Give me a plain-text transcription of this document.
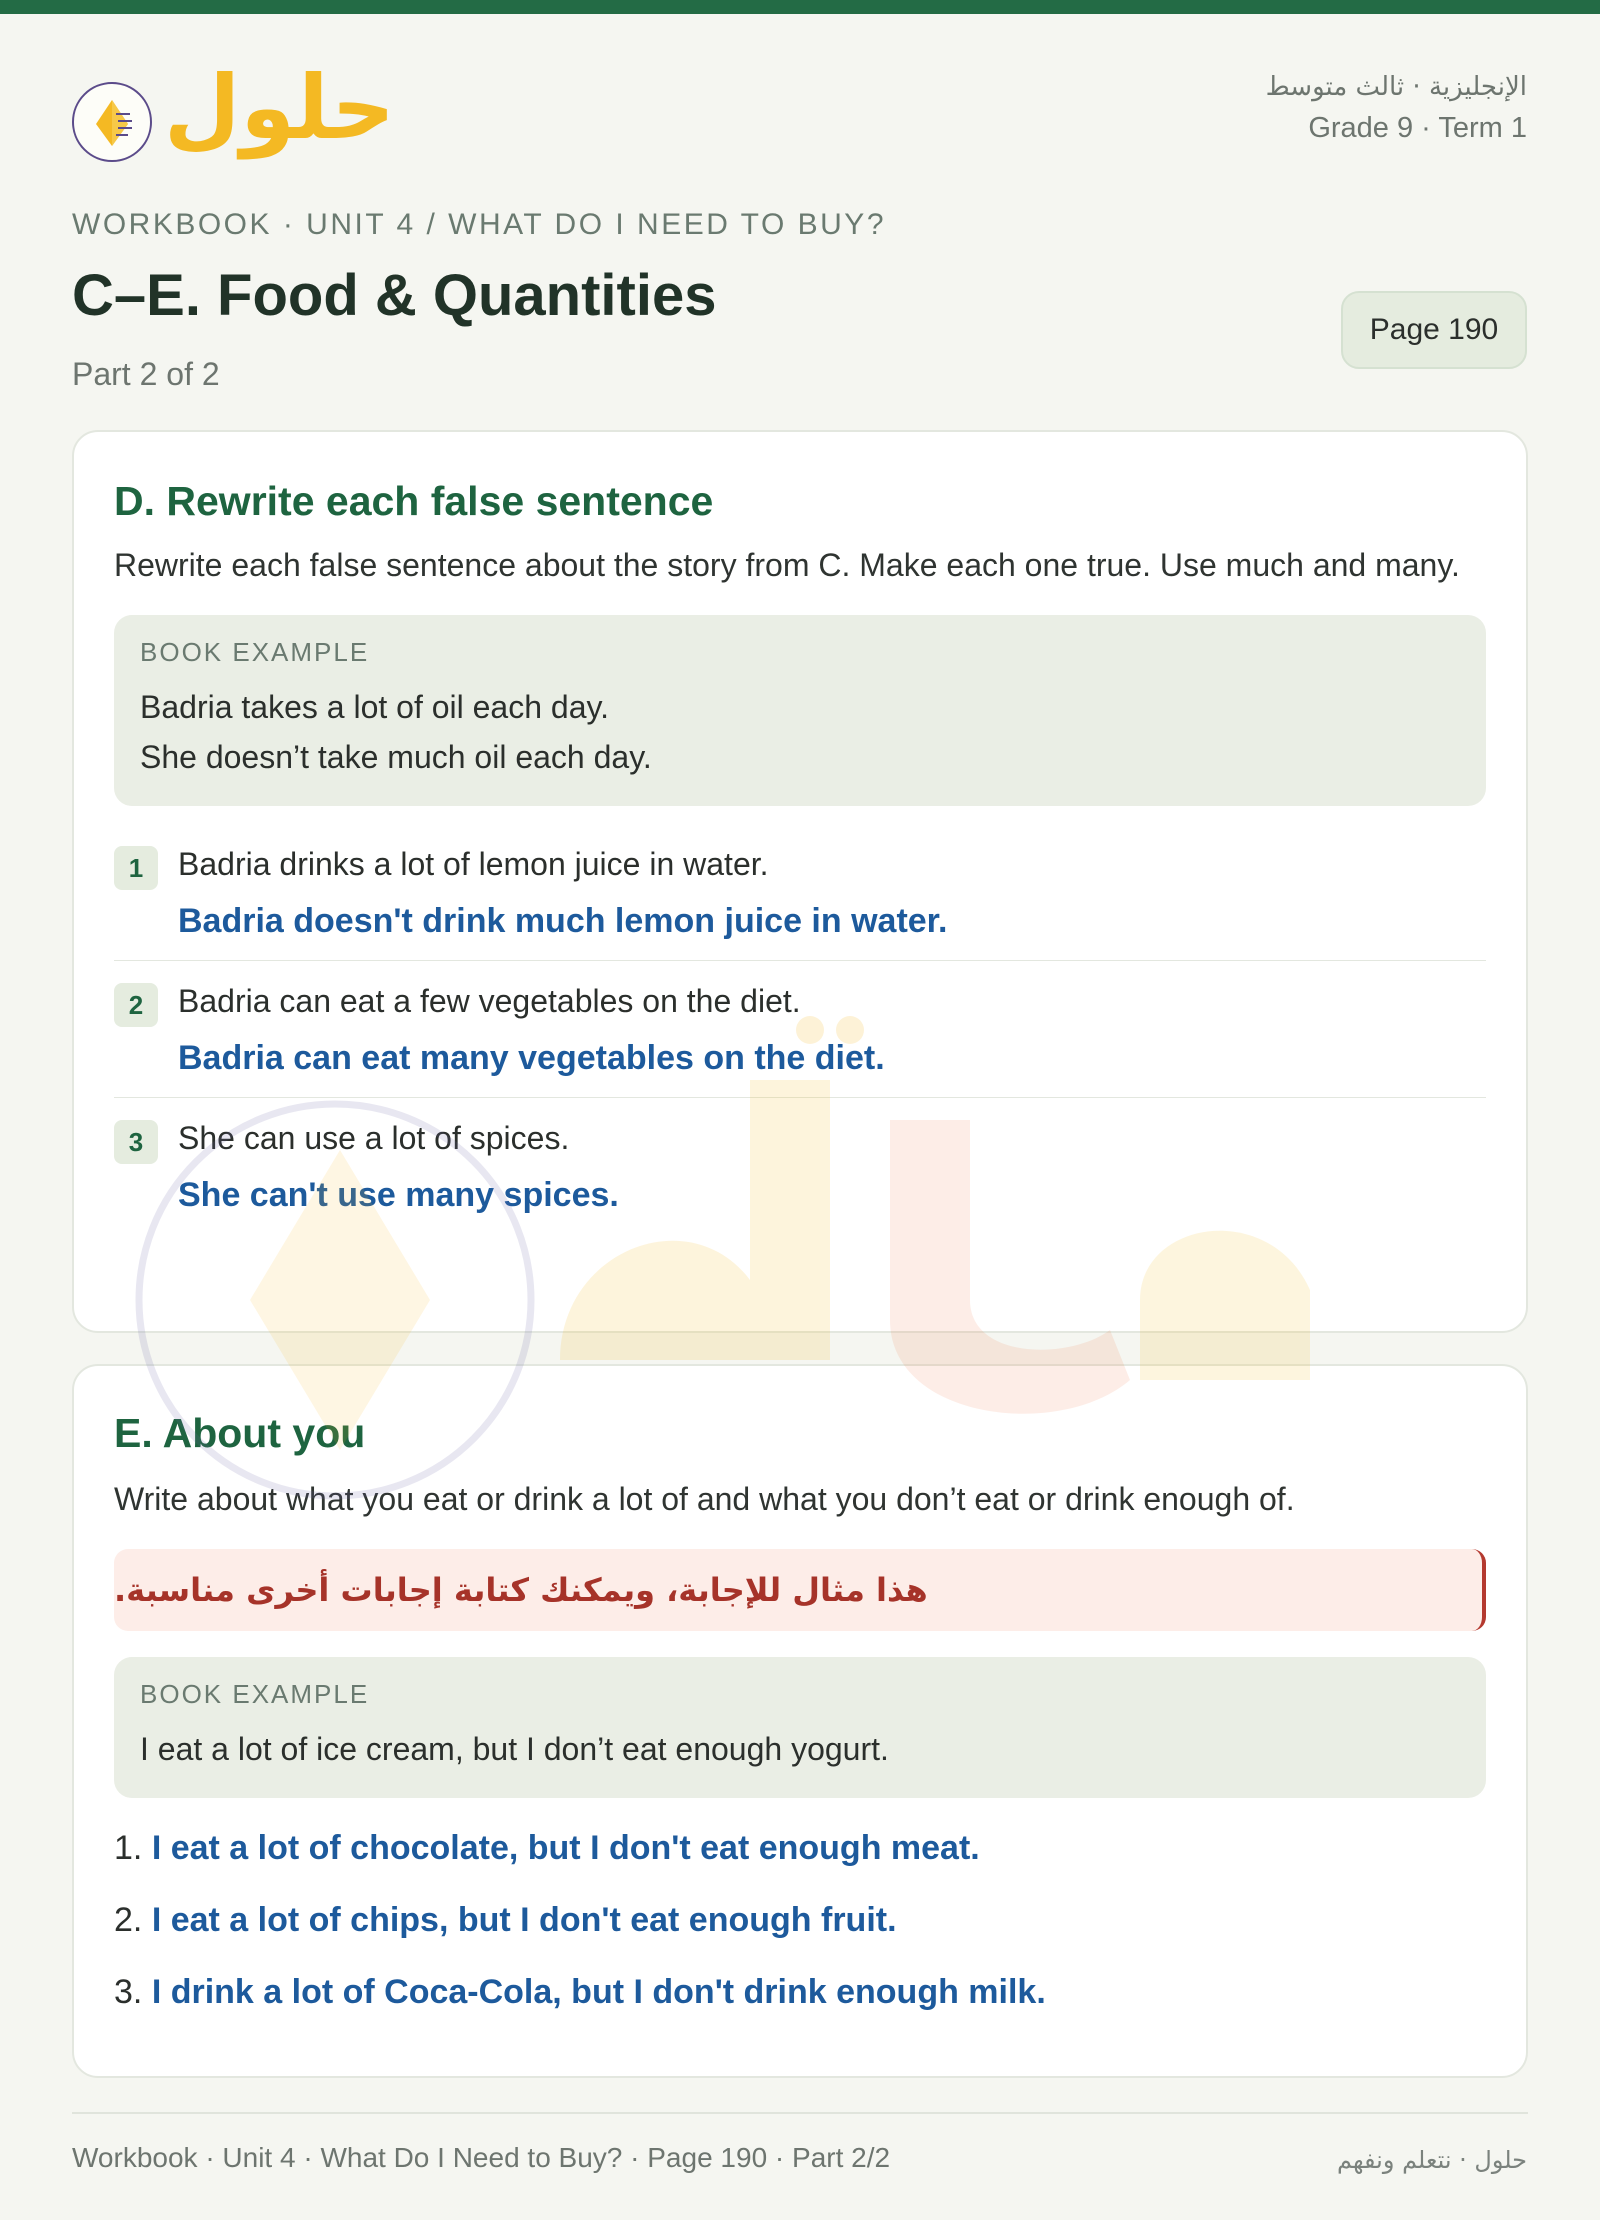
حلول	الإنجليزية · ثالث متوسط
Grade 9 · Term 1
WORKBOOK · UNIT 4 / WHAT DO I NEED TO BUY?
C–E. Food & Quantities
Part 2 of 2
Page 190
D. Rewrite each false sentence
Rewrite each false sentence about the story from C. Make each one true. Use much and many.
BOOK EXAMPLE
Badria takes a lot of oil each day.
She doesn’t take much oil each day.
1	Badria drinks a lot of lemon juice in water.
Badria doesn't drink much lemon juice in water.
2	Badria can eat a few vegetables on the diet.
Badria can eat many vegetables on the diet.
3	She can use a lot of spices.
She can't use many spices.
E. About you
Write about what you eat or drink a lot of and what you don’t eat or drink enough of.
هذا مثال للإجابة، ويمكنك كتابة إجابات أخرى مناسبة.
BOOK EXAMPLE
I eat a lot of ice cream, but I don’t eat enough yogurt.
1. I eat a lot of chocolate, but I don't eat enough meat.
2. I eat a lot of chips, but I don't eat enough fruit.
3. I drink a lot of Coca-Cola, but I don't drink enough milk.
Workbook · Unit 4 · What Do I Need to Buy? · Page 190 · Part 2/2	حلول · نتعلم ونفهم
